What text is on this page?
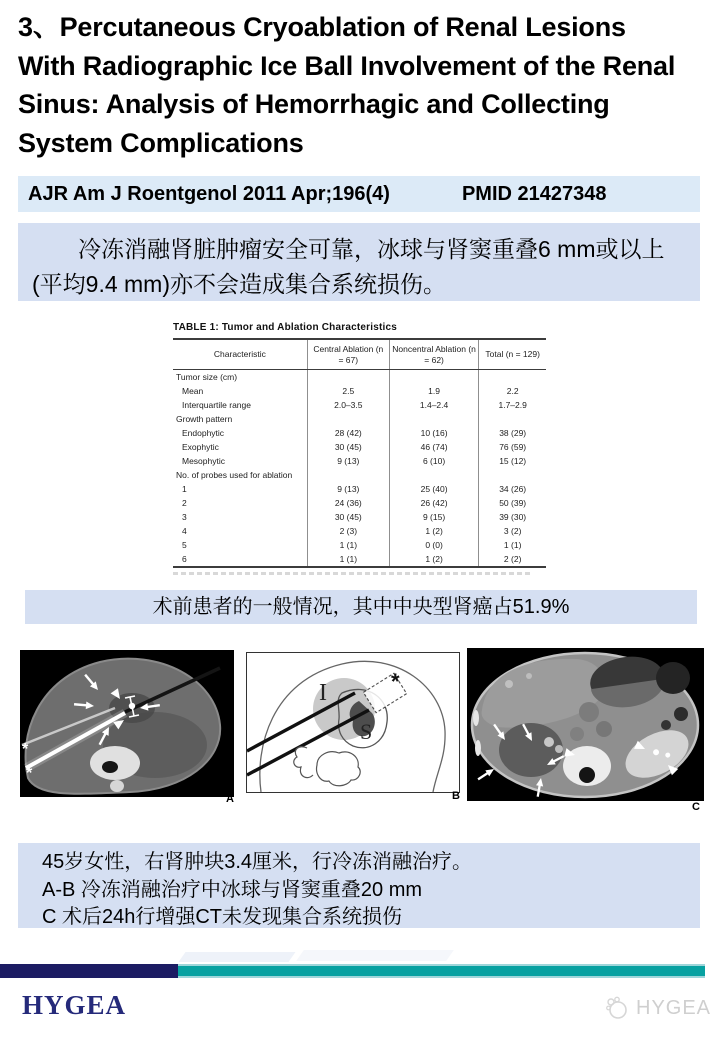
3、Percutaneous Cryoablation of Renal Lesions With Radiographic Ice Ball Involvement of the Renal Sinus: Analysis of Hemorrhagic and Collecting System Complications
AJR Am J Roentgenol 2011 Apr;196(4)	PMID 21427348

冷冻消融肾脏肿瘤安全可靠，冰球与肾窦重叠6 mm或以上(平均9.4 mm)亦不会造成集合系统损伤。

TABLE 1: Tumor and Ablation Characteristics
Characteristic	Central Ablation (n = 67)	Noncentral Ablation (n = 62)	Total (n = 129)
Tumor size (cm)			
Mean	2.5	1.9	2.2
Interquartile range	2.0–3.5	1.4–2.4	1.7–2.9
Growth pattern			
Endophytic	28 (42)	10 (16)	38 (29)
Exophytic	30 (45)	46 (74)	76 (59)
Mesophytic	9 (13)	6 (10)	15 (12)
No. of probes used for ablation			
1	9 (13)	25 (40)	34 (26)
2	24 (36)	26 (42)	50 (39)
3	30 (45)	9 (15)	39 (30)
4	2 (3)	1 (2)	3 (2)
5	1 (1)	0 (0)	1 (1)
6	1 (1)	1 (2)	2 (2)
术前患者的一般情况，其中中央型肾癌占51.9%
*
*
I
S
*
A	B
C
45岁女性，右肾肿块3.4厘米，行冷冻消融治疗。
A-B 冷冻消融治疗中冰球与肾窦重叠20 mm
C 术后24h行增强CT未发现集合系统损伤
HYGEA	HYGEA
